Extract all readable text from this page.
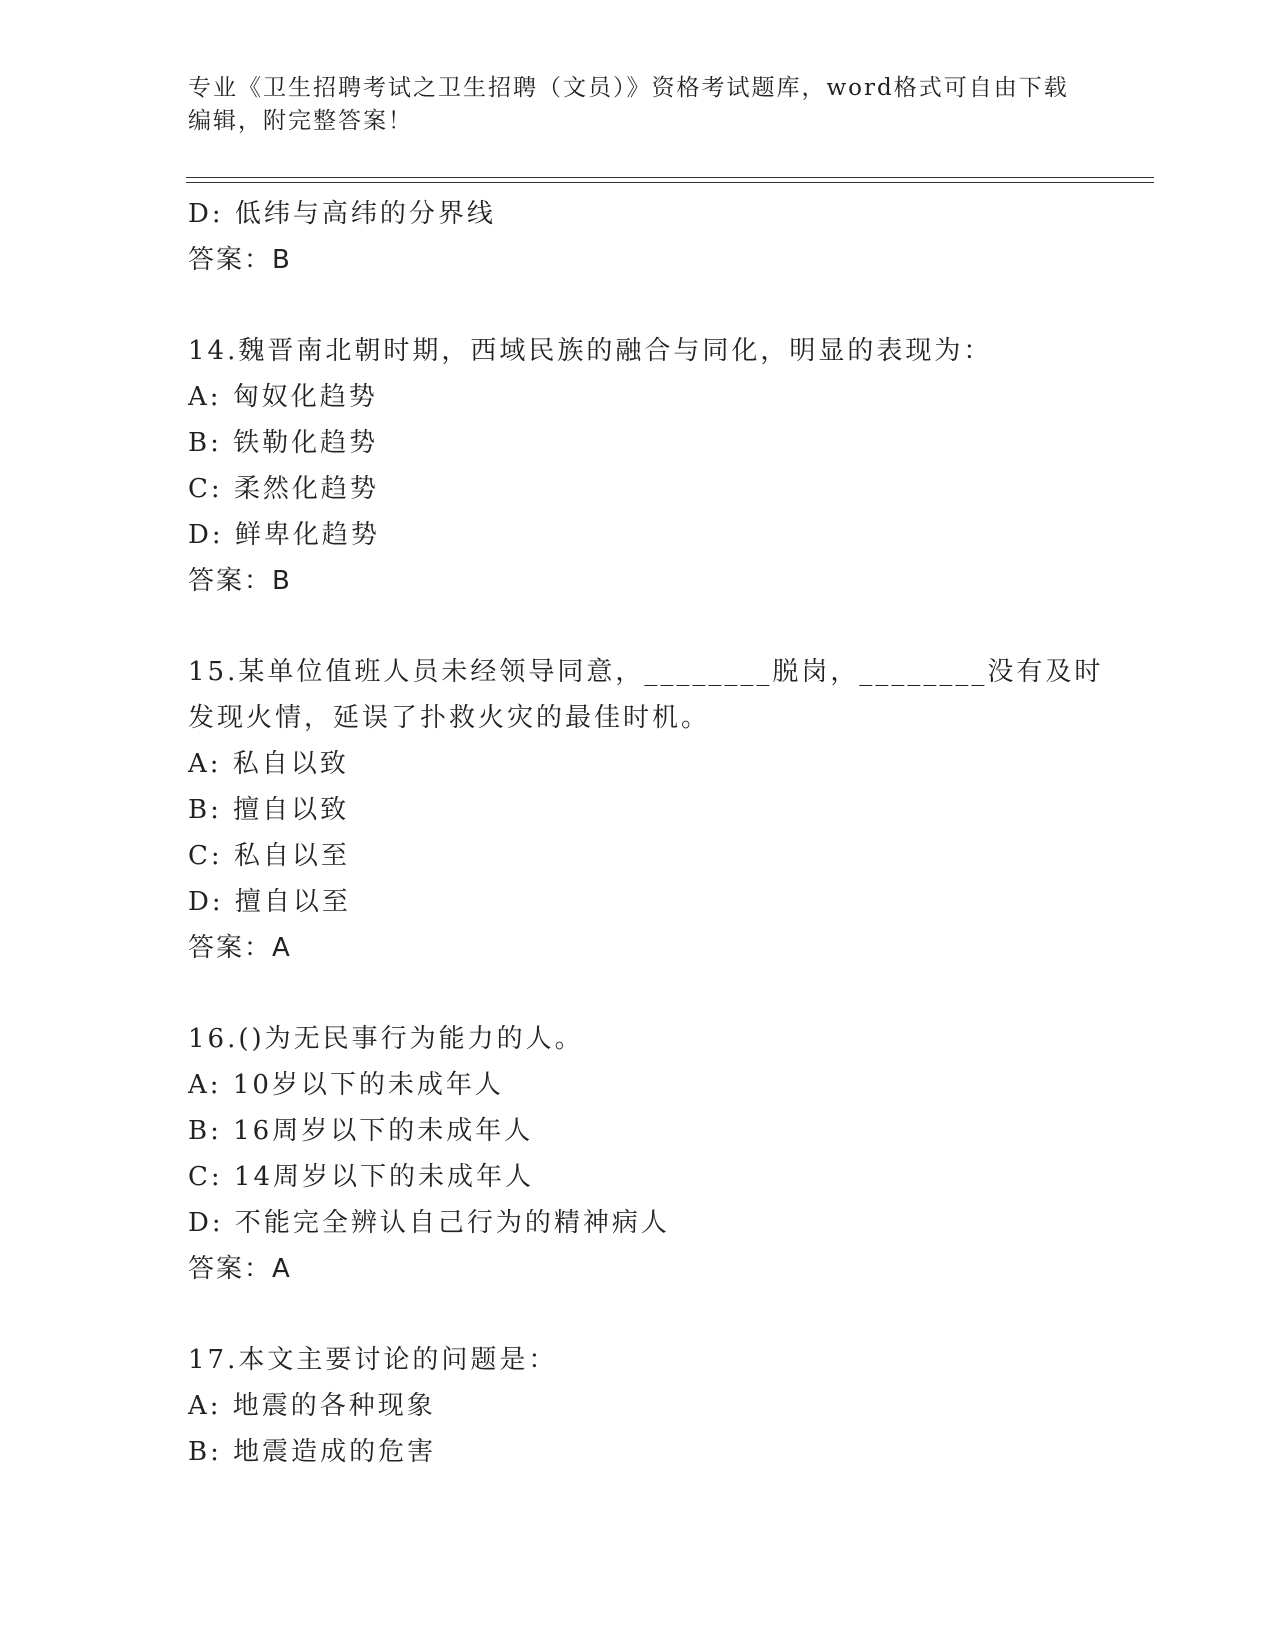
专业《卫生招聘考试之卫生招聘（文员）》资格考试题库，word格式可自由下载
编辑，附完整答案！
D: 低纬与高纬的分界线
答案：B
14.魏晋南北朝时期，西域民族的融合与同化，明显的表现为：
A: 匈奴化趋势
B: 铁勒化趋势
C: 柔然化趋势
D: 鲜卑化趋势
答案：B
15.某单位值班人员未经领导同意，________脱岗，________没有及时
发现火情，延误了扑救火灾的最佳时机。
A: 私自以致
B: 擅自以致
C: 私自以至
D: 擅自以至
答案：A
16.()为无民事行为能力的人。
A: 10岁以下的未成年人
B: 16周岁以下的未成年人
C: 14周岁以下的未成年人
D: 不能完全辨认自己行为的精神病人
答案：A
17.本文主要讨论的问题是：
A: 地震的各种现象
B: 地震造成的危害
